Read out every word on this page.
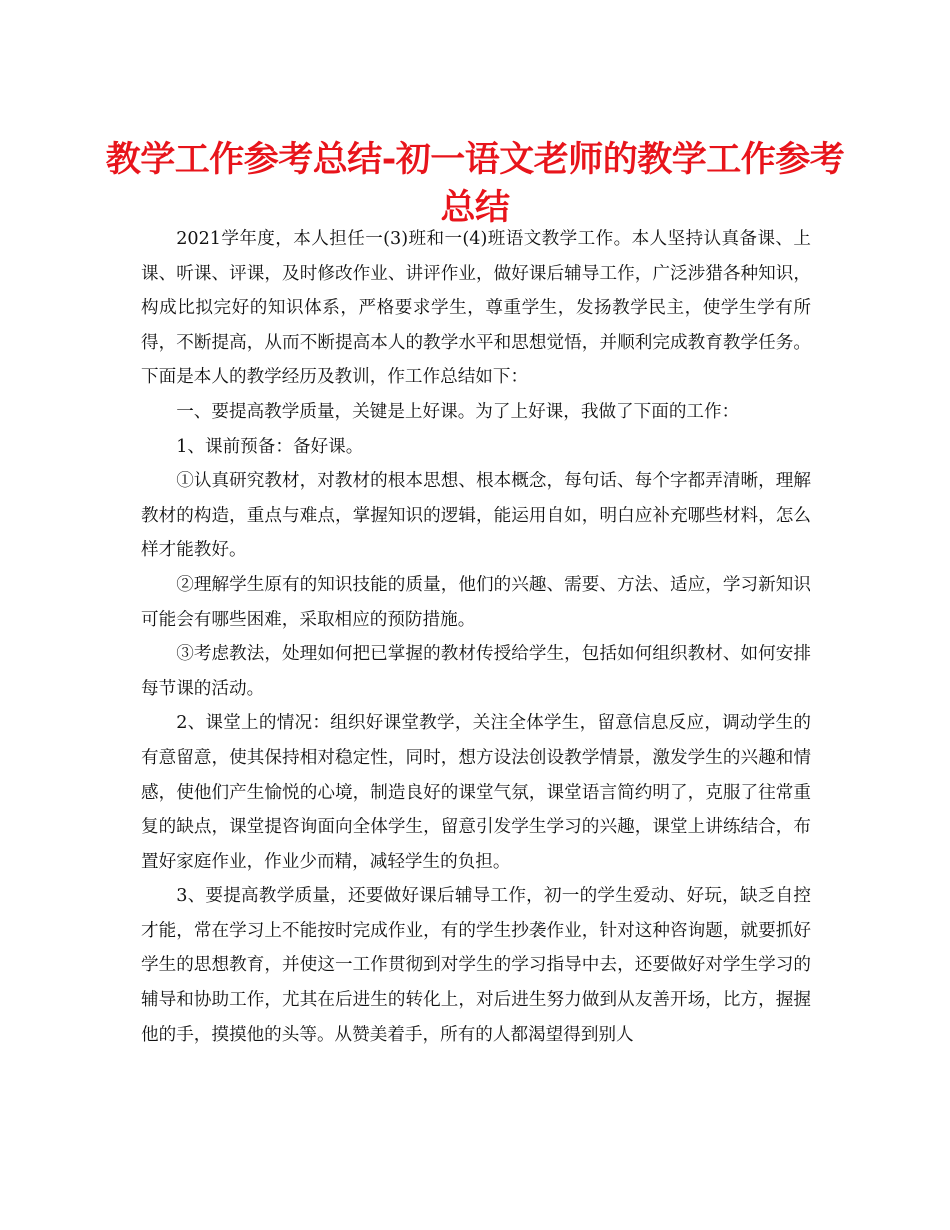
教学工作参考总结-初一语文老师的教学工作参考总结

2021学年度，本人担任一(3)班和一(4)班语文教学工作。本人坚持认真备课、上课、听课、评课，及时修改作业、讲评作业，做好课后辅导工作，广泛涉猎各种知识，构成比拟完好的知识体系，严格要求学生，尊重学生，发扬教学民主，使学生学有所得，不断提高，从而不断提高本人的教学水平和思想觉悟，并顺利完成教育教学任务。下面是本人的教学经历及教训，作工作总结如下：

一、要提高教学质量，关键是上好课。为了上好课，我做了下面的工作：

1、课前预备：备好课。

①认真研究教材，对教材的根本思想、根本概念，每句话、每个字都弄清晰，理解教材的构造，重点与难点，掌握知识的逻辑，能运用自如，明白应补充哪些材料，怎么样才能教好。

②理解学生原有的知识技能的质量，他们的兴趣、需要、方法、适应，学习新知识可能会有哪些困难，采取相应的预防措施。

③考虑教法，处理如何把已掌握的教材传授给学生，包括如何组织教材、如何安排每节课的活动。

2、课堂上的情况：组织好课堂教学，关注全体学生，留意信息反应，调动学生的有意留意，使其保持相对稳定性，同时，想方设法创设教学情景，激发学生的兴趣和情感，使他们产生愉悦的心境，制造良好的课堂气氛，课堂语言简约明了，克服了往常重复的缺点，课堂提咨询面向全体学生，留意引发学生学习的兴趣，课堂上讲练结合，布置好家庭作业，作业少而精，减轻学生的负担。

3、要提高教学质量，还要做好课后辅导工作，初一的学生爱动、好玩，缺乏自控才能，常在学习上不能按时完成作业，有的学生抄袭作业，针对这种咨询题，就要抓好学生的思想教育，并使这一工作贯彻到对学生的学习指导中去，还要做好对学生学习的辅导和协助工作，尤其在后进生的转化上，对后进生努力做到从友善开场，比方，握握他的手，摸摸他的头等。从赞美着手，所有的人都渴望得到别人
